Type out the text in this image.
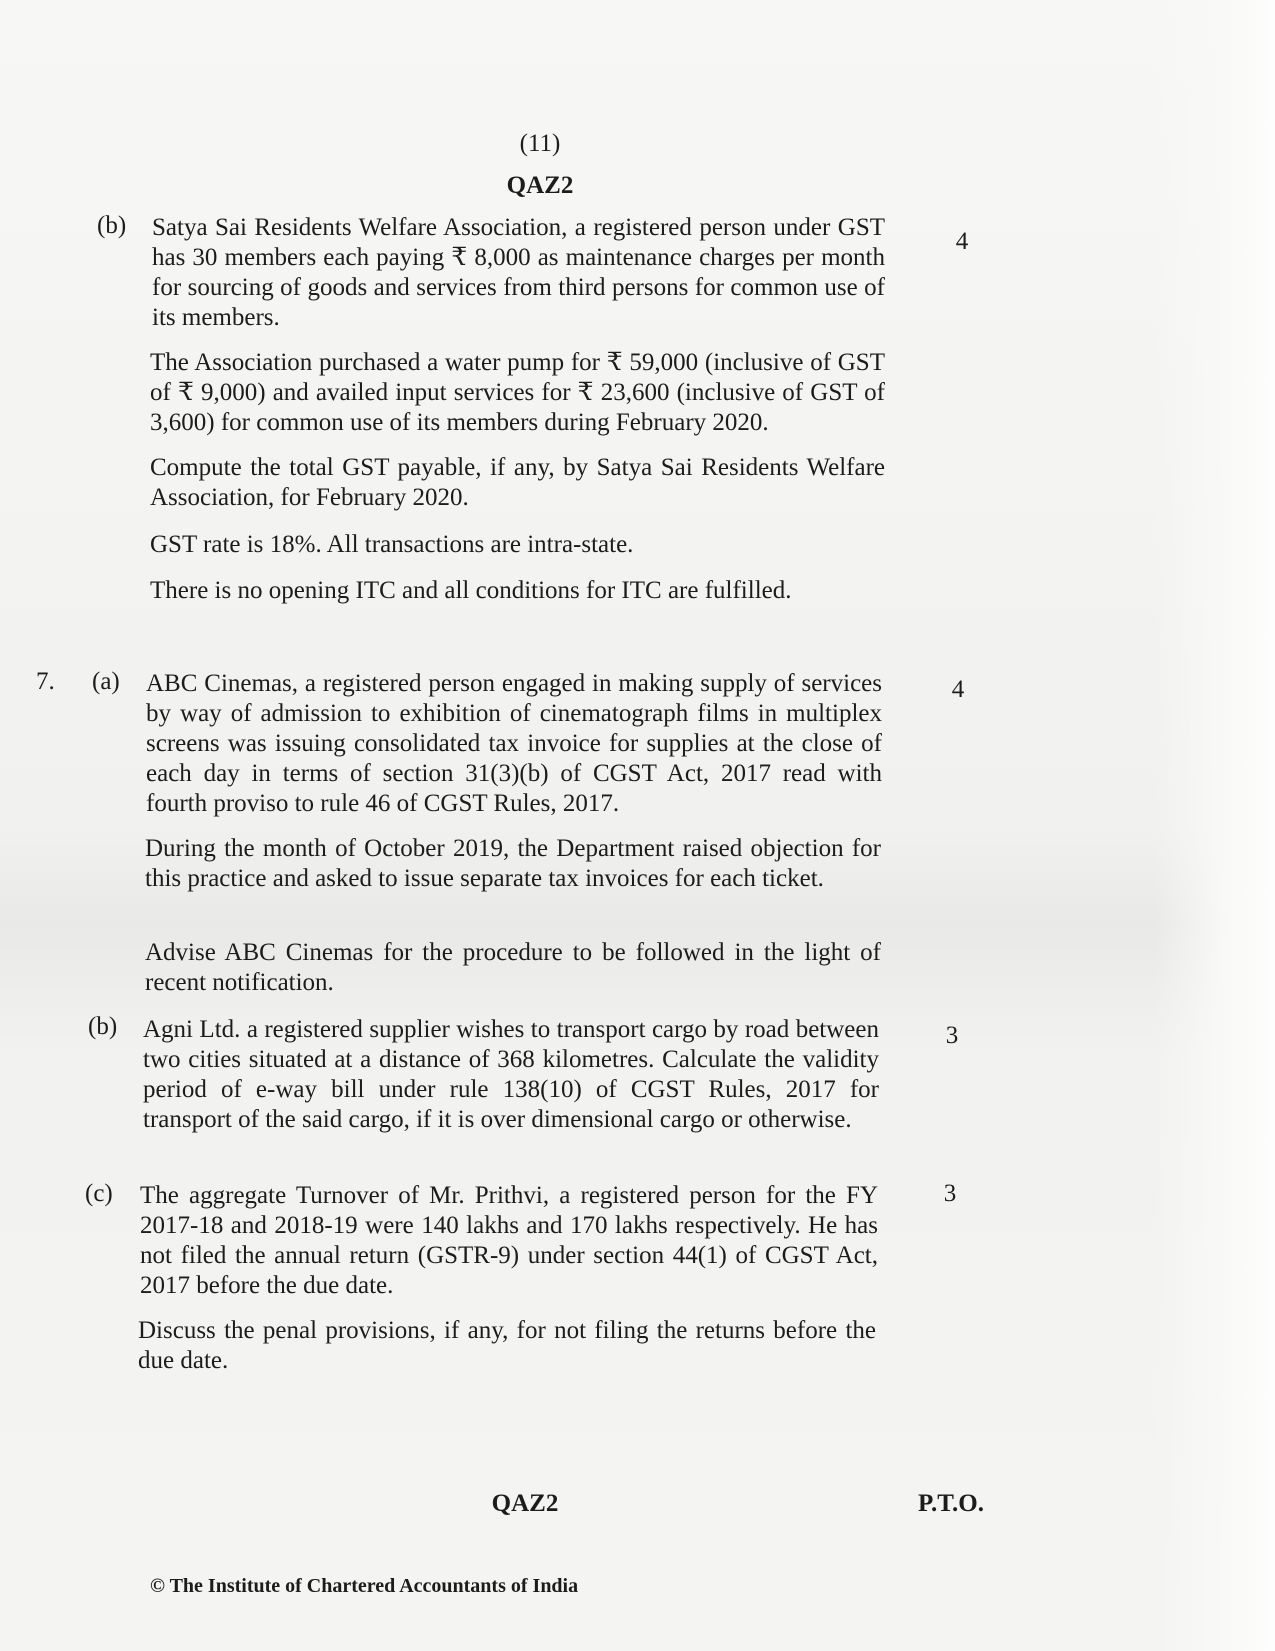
(11)
QAZ2
(b)
4
Satya Sai Residents Welfare Association, a registered person under GST has 30 members each paying ₹ 8,000 as maintenance charges per month for sourcing of goods and services from third persons for common use of its members.
The Association purchased a water pump for ₹ 59,000 (inclusive of GST of ₹ 9,000) and availed input services for ₹ 23,600 (inclusive of GST of 3,600) for common use of its members during February 2020.
Compute the total GST payable, if any, by Satya Sai Residents Welfare Association, for February 2020.
GST rate is 18%. All transactions are intra-state.
There is no opening ITC and all conditions for ITC are fulfilled.
7. (a)	4
ABC Cinemas, a registered person engaged in making supply of services by way of admission to exhibition of cinematograph films in multiplex screens was issuing consolidated tax invoice for supplies at the close of each day in terms of section 31(3)(b) of CGST Act, 2017 read with fourth proviso to rule 46 of CGST Rules, 2017.
During the month of October 2019, the Department raised objection for this practice and asked to issue separate tax invoices for each ticket.
Advise ABC Cinemas for the procedure to be followed in the light of recent notification.
(b)	3
Agni Ltd. a registered supplier wishes to transport cargo by road between two cities situated at a distance of 368 kilometres. Calculate the validity period of e-way bill under rule 138(10) of CGST Rules, 2017 for transport of the said cargo, if it is over dimensional cargo or otherwise.
(c)	3
The aggregate Turnover of Mr. Prithvi, a registered person for the FY 2017-18 and 2018-19 were 140 lakhs and 170 lakhs respectively. He has not filed the annual return (GSTR-9) under section 44(1) of CGST Act, 2017 before the due date.
Discuss the penal provisions, if any, for not filing the returns before the due date.
QAZ2	P.T.O.
© The Institute of Chartered Accountants of India
